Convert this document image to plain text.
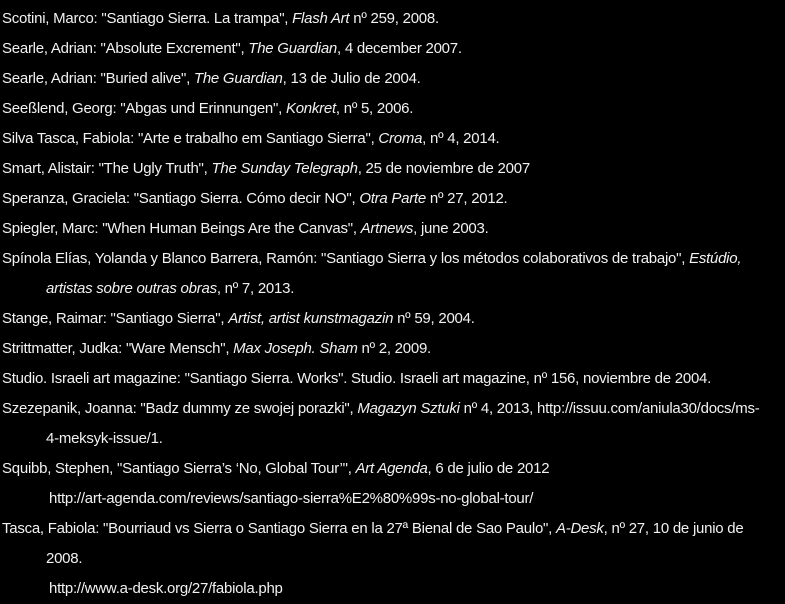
Scotini, Marco: "Santiago Sierra. La trampa", Flash Art nº 259, 2008.
Searle, Adrian: "Absolute Excrement", The Guardian, 4 december 2007.
Searle, Adrian: "Buried alive", The Guardian, 13 de Julio de 2004.
Seeßlend, Georg: "Abgas und Erinnungen", Konkret, nº 5, 2006.
Silva Tasca, Fabiola: "Arte e trabalho em Santiago Sierra", Croma, nº 4, 2014.
Smart, Alistair: "The Ugly Truth", The Sunday Telegraph, 25 de noviembre de 2007
Speranza, Graciela: "Santiago Sierra. Cómo decir NO", Otra Parte nº 27, 2012.
Spiegler, Marc: "When Human Beings Are the Canvas", Artnews, june 2003.
Spínola Elías, Yolanda y Blanco Barrera, Ramón: "Santiago Sierra y los métodos colaborativos de trabajo", Estúdio,
artistas sobre outras obras, nº 7, 2013.
Stange, Raimar: "Santiago Sierra", Artist, artist kunstmagazin nº 59, 2004.
Strittmatter, Judka: "Ware Mensch", Max Joseph. Sham nº 2, 2009.
Studio. Israeli art magazine: "Santiago Sierra. Works". Studio. Israeli art magazine, nº 156, noviembre de 2004.
Szezepanik, Joanna: "Badz dummy ze swojej porazki", Magazyn Sztuki nº 4, 2013, http://issuu.com/aniula30/docs/ms-
4-meksyk-issue/1.
Squibb, Stephen, "Santiago Sierra’s ‘No, Global Tour’", Art Agenda, 6 de julio de 2012
http://art-agenda.com/reviews/santiago-sierra%E2%80%99s-no-global-tour/
Tasca, Fabiola: "Bourriaud vs Sierra o Santiago Sierra en la 27ª Bienal de Sao Paulo", A-Desk, nº 27, 10 de junio de
2008.
http://www.a-desk.org/27/fabiola.php
